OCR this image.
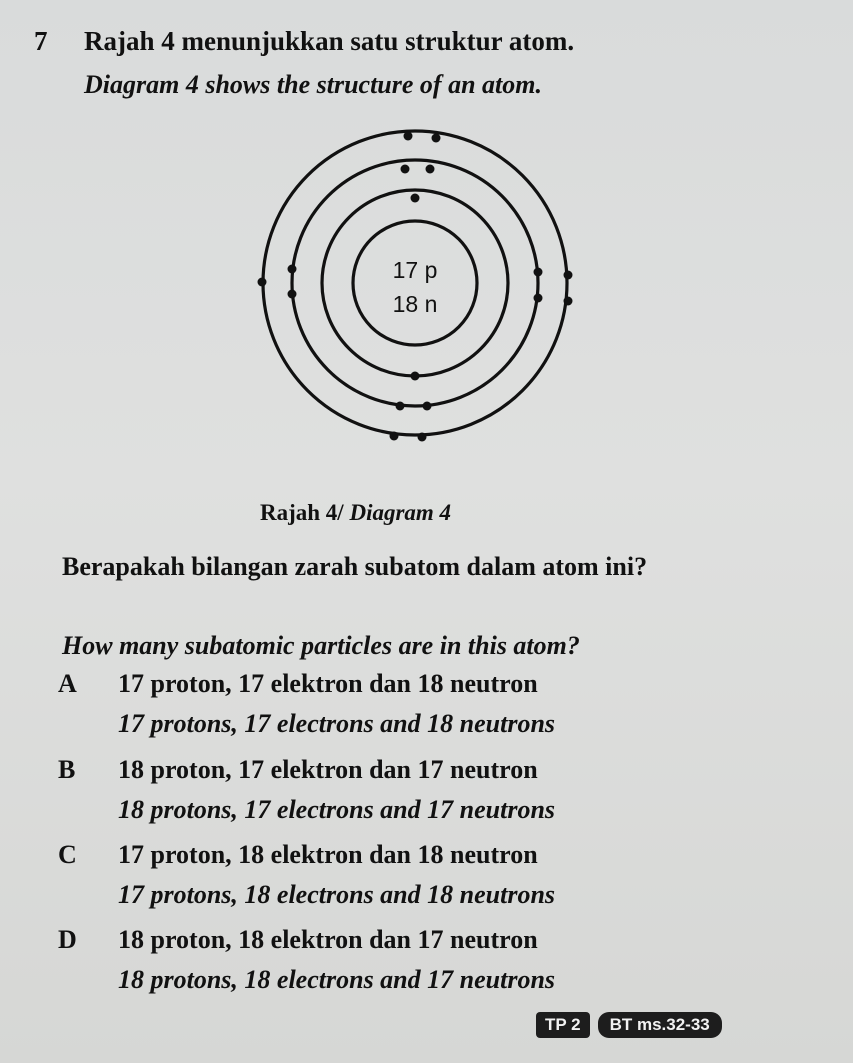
7 Rajah 4 menunjukkan satu struktur atom.
Diagram 4 shows the structure of an atom.
17 p
18 n
Rajah 4/ Diagram 4
Berapakah bilangan zarah subatom dalam atom ini?
How many subatomic particles are in this atom?
A	17 proton, 17 elektron dan 18 neutron
17 protons, 17 electrons and 18 neutrons
B	18 proton, 17 elektron dan 17 neutron
18 protons, 17 electrons and 17 neutrons
C	17 proton, 18 elektron dan 18 neutron
17 protons, 18 electrons and 18 neutrons
D	18 proton, 18 elektron dan 17 neutron
18 protons, 18 electrons and 17 neutrons
TP 2	BT ms.32-33
